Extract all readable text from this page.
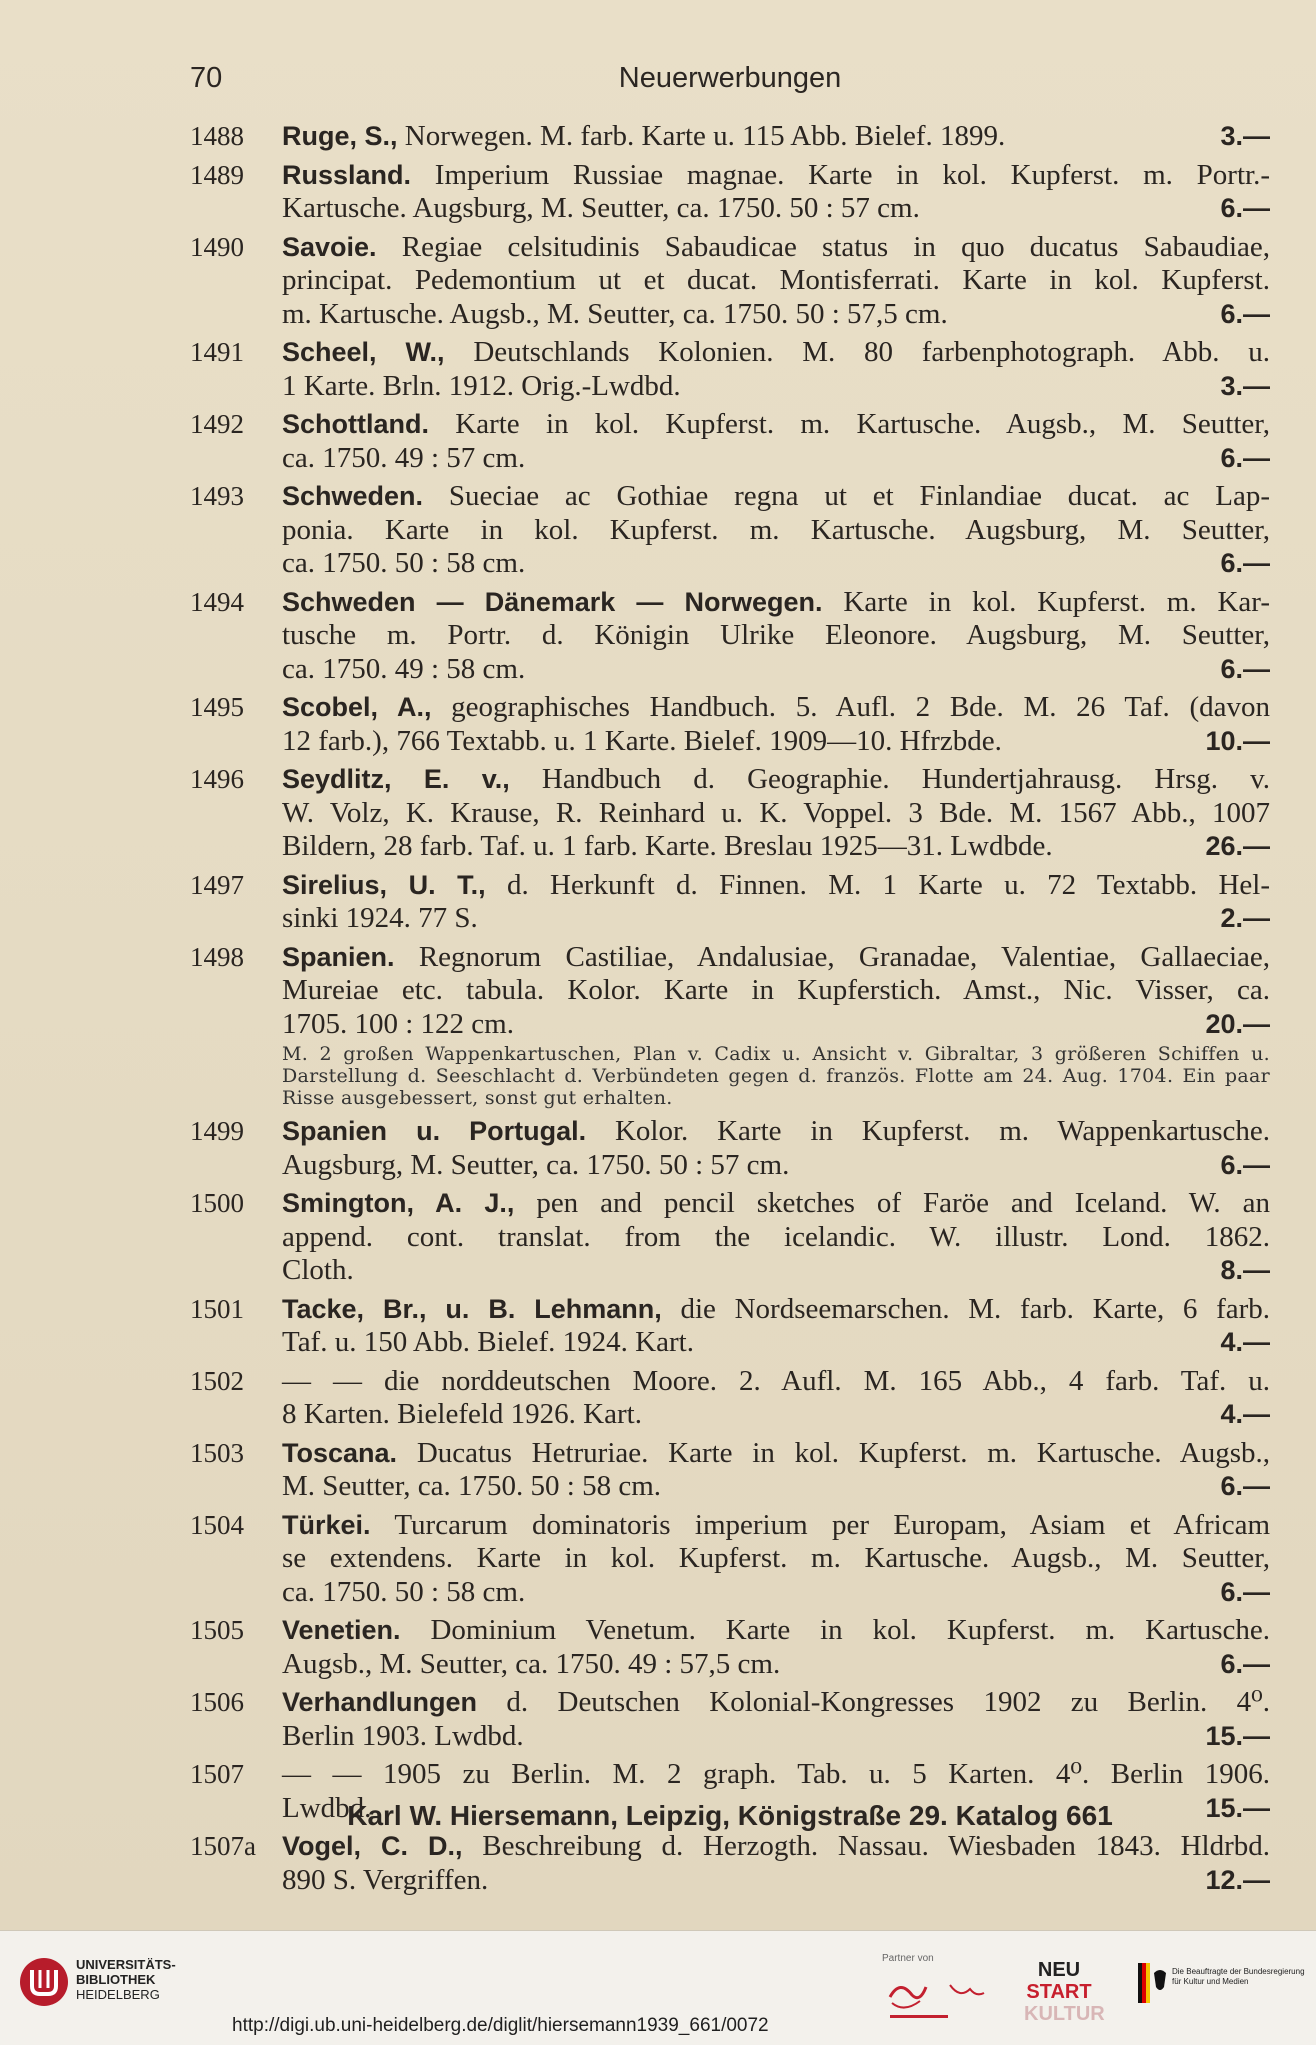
70	Neuerwerbungen
1488	Ruge, S., Norwegen. M. farb. Karte u. 115 Abb. Bielef. 1899.	3.—
1489	Russland. Imperium Russiae magnae. Karte in kol. Kupferst. m. Portr.-
Kartusche. Augsburg, M. Seutter, ca. 1750. 50 : 57 cm.	6.—
1490	Savoie. Regiae celsitudinis Sabaudicae status in quo ducatus Sabaudiae,
principat. Pedemontium ut et ducat. Montisferrati. Karte in kol. Kupferst.
m. Kartusche. Augsb., M. Seutter, ca. 1750. 50 : 57,5 cm.	6.—
1491	Scheel, W., Deutschlands Kolonien. M. 80 farbenphotograph. Abb. u.
1 Karte. Brln. 1912. Orig.-Lwdbd.	3.—
1492	Schottland. Karte in kol. Kupferst. m. Kartusche. Augsb., M. Seutter,
ca. 1750. 49 : 57 cm.	6.—
1493	Schweden. Sueciae ac Gothiae regna ut et Finlandiae ducat. ac Lap-
ponia. Karte in kol. Kupferst. m. Kartusche. Augsburg, M. Seutter,
ca. 1750. 50 : 58 cm.	6.—
1494	Schweden — Dänemark — Norwegen. Karte in kol. Kupferst. m. Kar-
tusche m. Portr. d. Königin Ulrike Eleonore. Augsburg, M. Seutter,
ca. 1750. 49 : 58 cm.	6.—
1495	Scobel, A., geographisches Handbuch. 5. Aufl. 2 Bde. M. 26 Taf. (davon
12 farb.), 766 Textabb. u. 1 Karte. Bielef. 1909—10. Hfrzbde.	10.—
1496	Seydlitz, E. v., Handbuch d. Geographie. Hundertjahrausg. Hrsg. v.
W. Volz, K. Krause, R. Reinhard u. K. Voppel. 3 Bde. M. 1567 Abb., 1007
Bildern, 28 farb. Taf. u. 1 farb. Karte. Breslau 1925—31. Lwdbde.	26.—
1497	Sirelius, U. T., d. Herkunft d. Finnen. M. 1 Karte u. 72 Textabb. Hel-
sinki 1924. 77 S.	2.—
1498	Spanien. Regnorum Castiliae, Andalusiae, Granadae, Valentiae, Gallaeciae,
Mureiae etc. tabula. Kolor. Karte in Kupferstich. Amst., Nic. Visser, ca.
1705. 100 : 122 cm.	20.—
M. 2 großen Wappenkartuschen, Plan v. Cadix u. Ansicht v. Gibraltar, 3 größeren Schiffen u. Darstellung d. Seeschlacht d. Verbündeten gegen d. französ. Flotte am 24. Aug. 1704. Ein paar Risse ausgebessert, sonst gut erhalten.
1499	Spanien u. Portugal. Kolor. Karte in Kupferst. m. Wappenkartusche.
Augsburg, M. Seutter, ca. 1750. 50 : 57 cm.	6.—
1500	Smington, A. J., pen and pencil sketches of Faröe and Iceland. W. an
append. cont. translat. from the icelandic. W. illustr. Lond. 1862.
Cloth.	8.—
1501	Tacke, Br., u. B. Lehmann, die Nordseemarschen. M. farb. Karte, 6 farb.
Taf. u. 150 Abb. Bielef. 1924. Kart.	4.—
1502	— — die norddeutschen Moore. 2. Aufl. M. 165 Abb., 4 farb. Taf. u.
8 Karten. Bielefeld 1926. Kart.	4.—
1503	Toscana. Ducatus Hetruriae. Karte in kol. Kupferst. m. Kartusche. Augsb.,
M. Seutter, ca. 1750. 50 : 58 cm.	6.—
1504	Türkei. Turcarum dominatoris imperium per Europam, Asiam et Africam
se extendens. Karte in kol. Kupferst. m. Kartusche. Augsb., M. Seutter,
ca. 1750. 50 : 58 cm.	6.—
1505	Venetien. Dominium Venetum. Karte in kol. Kupferst. m. Kartusche.
Augsb., M. Seutter, ca. 1750. 49 : 57,5 cm.	6.—
1506	Verhandlungen d. Deutschen Kolonial-Kongresses 1902 zu Berlin. 4⁰.
Berlin 1903. Lwdbd.	15.—
1507	— — 1905 zu Berlin. M. 2 graph. Tab. u. 5 Karten. 4⁰. Berlin 1906.
Lwdbd.	15.—
1507a Vogel, C. D., Beschreibung d. Herzogth. Nassau. Wiesbaden 1843. Hldrbd.
890 S. Vergriffen.	12.—
Karl W. Hiersemann, Leipzig, Königstraße 29. Katalog 661
UNIVERSITÄTS-
BIBLIOTHEK
HEIDELBERG
http://digi.ub.uni-heidelberg.de/diglit/hiersemann1939_661/0072
Partner von
NEU
START
KULTUR
Die Beauftragte der Bundesregierung
für Kultur und Medien
